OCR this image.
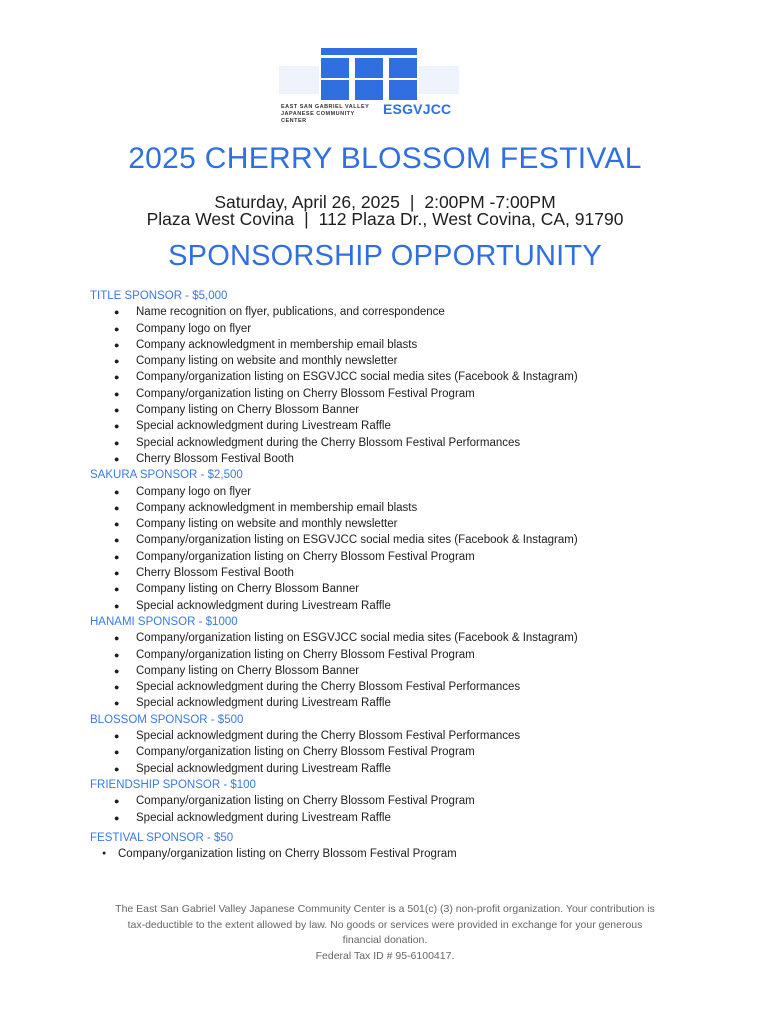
EAST SAN GABRIEL VALLEY
JAPANESE COMMUNITY CENTER
ESGVJCC
2025 CHERRY BLOSSOM FESTIVAL
Saturday, April 26, 2025 | 2:00PM -7:00PM
Plaza West Covina | 112 Plaza Dr., West Covina, CA, 91790
SPONSORSHIP OPPORTUNITY
TITLE SPONSOR - $5,000
● Name recognition on flyer, publications, and correspondence
● Company logo on flyer
● Company acknowledgment in membership email blasts
● Company listing on website and monthly newsletter
● Company/organization listing on ESGVJCC social media sites (Facebook & Instagram)
● Company/organization listing on Cherry Blossom Festival Program
● Company listing on Cherry Blossom Banner
● Special acknowledgment during Livestream Raffle
● Special acknowledgment during the Cherry Blossom Festival Performances
● Cherry Blossom Festival Booth
SAKURA SPONSOR - $2,500
● Company logo on flyer
● Company acknowledgment in membership email blasts
● Company listing on website and monthly newsletter
● Company/organization listing on ESGVJCC social media sites (Facebook & Instagram)
● Company/organization listing on Cherry Blossom Festival Program
● Cherry Blossom Festival Booth
● Company listing on Cherry Blossom Banner
● Special acknowledgment during Livestream Raffle
HANAMI SPONSOR - $1000
● Company/organization listing on ESGVJCC social media sites (Facebook & Instagram)
● Company/organization listing on Cherry Blossom Festival Program
● Company listing on Cherry Blossom Banner
● Special acknowledgment during the Cherry Blossom Festival Performances
● Special acknowledgment during Livestream Raffle
BLOSSOM SPONSOR - $500
● Special acknowledgment during the Cherry Blossom Festival Performances
● Company/organization listing on Cherry Blossom Festival Program
● Special acknowledgment during Livestream Raffle
FRIENDSHIP SPONSOR - $100
● Company/organization listing on Cherry Blossom Festival Program
● Special acknowledgment during Livestream Raffle
FESTIVAL SPONSOR - $50
● Company/organization listing on Cherry Blossom Festival Program
The East San Gabriel Valley Japanese Community Center is a 501(c) (3) non-profit organization. Your contribution is
tax-deductible to the extent allowed by law. No goods or services were provided in exchange for your generous
financial donation.
Federal Tax ID # 95-6100417.
